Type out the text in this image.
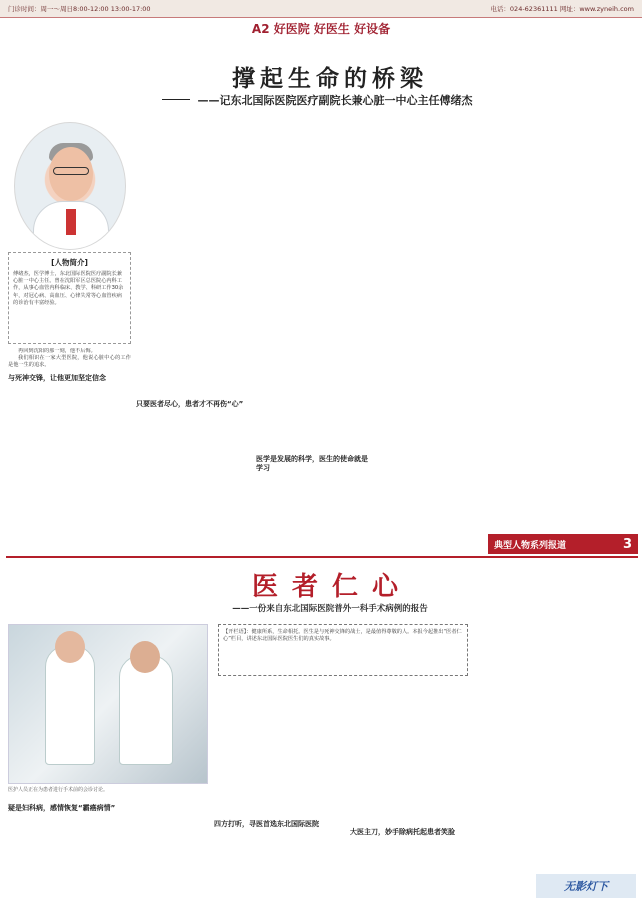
门诊时间：周一～周日8:00-12:00 13:00-17:00	电话：024-62361111 网址：www.zyneih.com
A2 好医院 好医生 好设备
撑起生命的桥梁
——记东北国际医院医疗副院长兼心脏一中心主任傅绪杰
[人物简介]
傅绪杰，医学博士，东北国际医院医疗副院长兼心脏一中心主任。曾在沈阳军区总医院心内科工作，从事心血管内科临床、教学、科研工作30余年，对冠心病、高血压、心律失常等心血管疾病的诊治有丰富经验。

再回到沈阳的那一刻，他不后悔。

我们相识在一家大型医院，他说心脏中心的工作是他一生的追求。

与死神交锋，让他更加坚定信念
只要医者尽心，患者才不再伤“心”
医学是发展的科学，医生的使命就是学习
典型人物系列报道	3
医者仁心
——一份来自东北国际医院普外一科手术病例的报告
【开栏语】：健康所系，生命相托。医生是与死神交锋的战士，是最值得尊敬的人。本报今起推出“医者仁心”栏目，讲述东北国际医院医生们的真实故事。
医护人员正在为患者进行手术前的会诊讨论。
疑是妇科病，感情恢复“霸癌病情”
四方打听，寻医首选东北国际医院
大医主刀，妙手除病托起患者笑脸
无影灯下
